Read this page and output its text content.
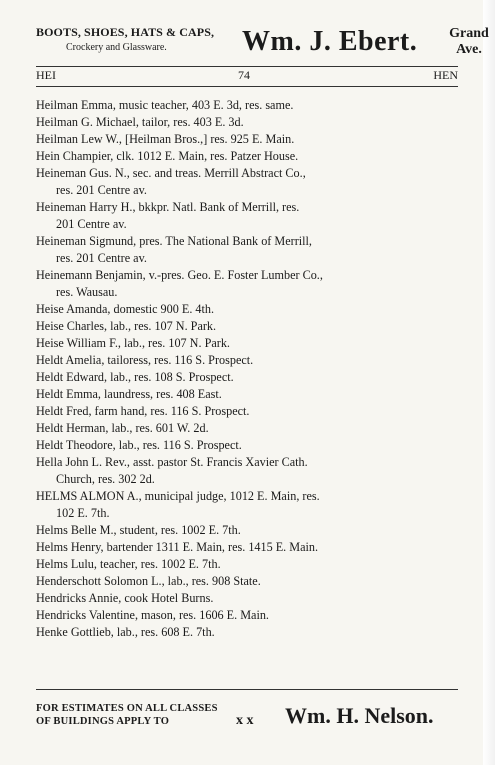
BOOTS, SHOES, HATS & CAPS,
Crockery and Glassware.	Wm. J. Ebert.	Grand
Ave.
HEI	74	HEN
Heilman Emma, music teacher, 403 E. 3d, res. same.
Heilman G. Michael, tailor, res. 403 E. 3d.
Heilman Lew W., [Heilman Bros.,] res. 925 E. Main.
Hein Champier, clk. 1012 E. Main, res. Patzer House.
Heineman Gus. N., sec. and treas. Merrill Abstract Co.,
res. 201 Centre av.
Heineman Harry H., bkkpr. Natl. Bank of Merrill, res.
201 Centre av.
Heineman Sigmund, pres. The National Bank of Merrill,
res. 201 Centre av.
Heinemann Benjamin, v.-pres. Geo. E. Foster Lumber Co.,
res. Wausau.
Heise Amanda, domestic 900 E. 4th.
Heise Charles, lab., res. 107 N. Park.
Heise William F., lab., res. 107 N. Park.
Heldt Amelia, tailoress, res. 116 S. Prospect.
Heldt Edward, lab., res. 108 S. Prospect.
Heldt Emma, laundress, res. 408 East.
Heldt Fred, farm hand, res. 116 S. Prospect.
Heldt Herman, lab., res. 601 W. 2d.
Heldt Theodore, lab., res. 116 S. Prospect.
Hella John L. Rev., asst. pastor St. Francis Xavier Cath.
Church, res. 302 2d.
HELMS ALMON A., municipal judge, 1012 E. Main, res.
102 E. 7th.
Helms Belle M., student, res. 1002 E. 7th.
Helms Henry, bartender 1311 E. Main, res. 1415 E. Main.
Helms Lulu, teacher, res. 1002 E. 7th.
Henderschott Solomon L., lab., res. 908 State.
Hendricks Annie, cook Hotel Burns.
Hendricks Valentine, mason, res. 1606 E. Main.
Henke Gottlieb, lab., res. 608 E. 7th.
FOR ESTIMATES ON ALL CLASSES
OF BUILDINGS APPLY TO	x x Wm. H. Nelson.
